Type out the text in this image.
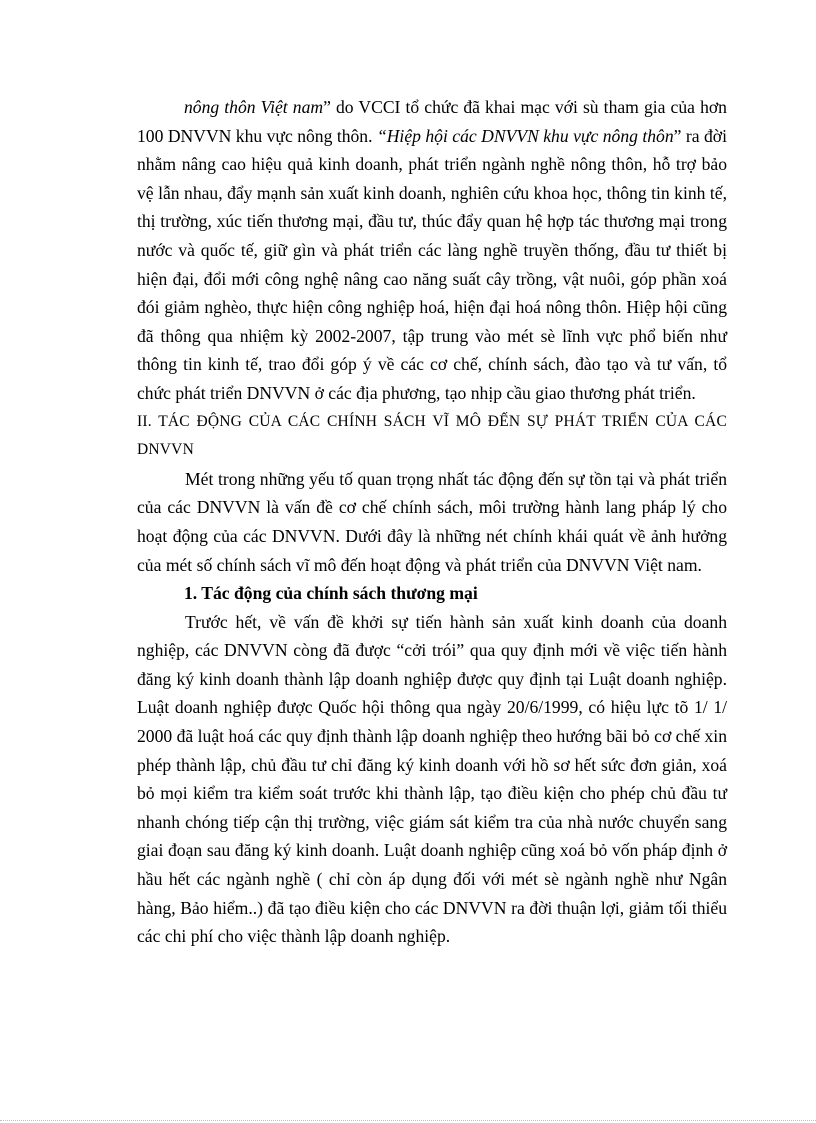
nông thôn Việt nam” do VCCI tổ chức đã khai mạc với sù tham gia của hơn 100 DNVVN khu vực nông thôn. “Hiệp hội các DNVVN khu vực nông thôn” ra đời nhằm nâng cao hiệu quả kinh doanh, phát triển ngành nghề nông thôn, hỗ trợ bảo vệ lẫn nhau, đẩy mạnh sản xuất kinh doanh, nghiên cứu khoa học, thông tin kinh tế, thị trường, xúc tiến thương mại, đầu tư, thúc đẩy quan hệ hợp tác thương mại trong nước và quốc tế, giữ gìn và phát triển các làng nghề truyền thống, đầu tư thiết bị hiện đại, đổi mới công nghệ nâng cao năng suất cây trồng, vật nuôi, góp phần xoá đói giảm nghèo, thực hiện công nghiệp hoá, hiện đại hoá nông thôn. Hiệp hội cũng đã thông qua nhiệm kỳ 2002-2007, tập trung vào mét sè lĩnh vực phổ biến như thông tin kinh tế, trao đổi góp ý về các cơ chế, chính sách, đào tạo và tư vấn, tổ chức phát triển DNVVN ở các địa phương, tạo nhịp cầu giao thương phát triển.

II. TÁC ĐỘNG CỦA CÁC CHÍNH SÁCH VĨ MÔ ĐẾN SỰ PHÁT TRIỂN CỦA CÁC DNVVN

Mét trong những yếu tố quan trọng nhất tác động đến sự tồn tại và phát triển của các DNVVN là vấn đề cơ chế chính sách, môi trường hành lang pháp lý cho hoạt động của các DNVVN. Dưới đây là những nét chính khái quát về ảnh hưởng của mét số chính sách vĩ mô đến hoạt động và phát triển của DNVVN Việt nam.

1. Tác động của chính sách thương mại

Trước hết, về vấn đề khởi sự tiến hành sản xuất kinh doanh của doanh nghiệp, các DNVVN còng đã được “cởi trói” qua quy định mới về việc tiến hành đăng ký kinh doanh thành lập doanh nghiệp được quy định tại Luật doanh nghiệp. Luật doanh nghiệp được Quốc hội thông qua ngày 20/6/1999, có hiệu lực tõ 1/ 1/ 2000 đã luật hoá các quy định thành lập doanh nghiệp theo hướng bãi bỏ cơ chế xin phép thành lập, chủ đầu tư chỉ đăng ký kinh doanh với hồ sơ hết sức đơn giản, xoá bỏ mọi kiểm tra kiểm soát trước khi thành lập, tạo điều kiện cho phép chủ đầu tư nhanh chóng tiếp cận thị trường, việc giám sát kiểm tra của nhà nước chuyển sang giai đoạn sau đăng ký kinh doanh. Luật doanh nghiệp cũng xoá bỏ vốn pháp định ở hầu hết các ngành nghề ( chỉ còn áp dụng đối với mét sè ngành nghề như Ngân hàng, Bảo hiểm..) đã tạo điều kiện cho các DNVVN ra đời thuận lợi, giảm tối thiểu các chi phí cho việc thành lập doanh nghiệp.
